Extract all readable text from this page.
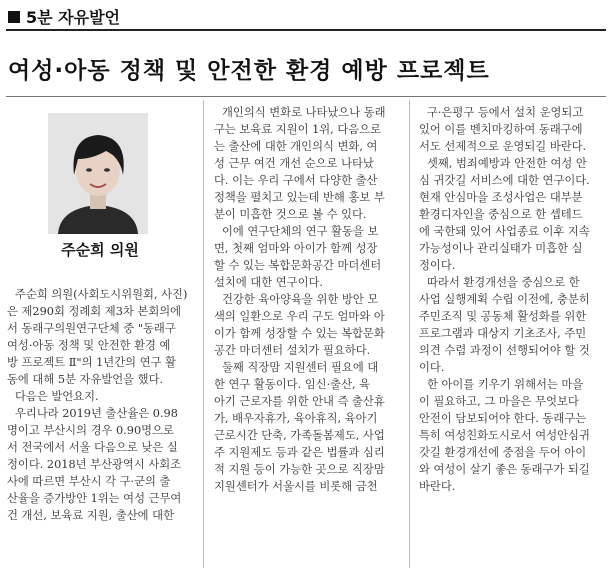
5분 자유발언
여성·아동 정책 및 안전한 환경 예방 프로젝트
주순희 의원

주순희 의원(사회도시위원회, 사진)
은 제290회 정례회 제3차 본회의에
서 동래구의원연구단체 중 "동래구
여성·아동 정책 및 안전한 환경 예
방 프로젝트 Ⅱ"의 1년간의 연구 활
동에 대해 5분 자유발언을 했다.

다음은 발언요지.

우리나라 2019년 출산율은 0.98
명이고 부산시의 경우 0.90명으로
서 전국에서 서울 다음으로 낮은 실
정이다. 2018년 부산광역시 사회조
사에 따르면 부산시 각 구·군의 출
산율을 증가방안 1위는 여성 근무여
건 개선, 보육료 지원, 출산에 대한

개인의식 변화로 나타났으나 동래
구는 보육료 지원이 1위, 다음으로
는 출산에 대한 개인의식 변화, 여
성 근무 여건 개선 순으로 나타났
다. 이는 우리 구에서 다양한 출산
정책을 펼치고 있는데 반해 홍보 부
분이 미흡한 것으로 볼 수 있다.

이에 연구단체의 연구 활동을 보
면, 첫째 엄마와 아이가 함께 성장
할 수 있는 복합문화공간 마더센터
설치에 대한 연구이다.

건강한 육아양육을 위한 방안 모
색의 일환으로 우리 구도 엄마와 아
이가 함께 성장할 수 있는 복합문화
공간 마더센터 설치가 필요하다.

둘째 직장맘 지원센터 필요에 대
한 연구 활동이다. 임신·출산, 육
아기 근로자를 위한 안내 즉 출산휴
가, 배우자휴가, 육아휴직, 육아기
근로시간 단축, 가족돌봄제도, 사업
주 지원제도 등과 같은 법률과 심리
적 지원 등이 가능한 곳으로 직장맘
지원센터가 서울시를 비롯해 금천

구·은평구 등에서 설치 운영되고
있어 이를 벤치마킹하여 동래구에
서도 선제적으로 운영되길 바란다.

셋째, 범죄예방과 안전한 여성 안
심 귀갓길 서비스에 대한 연구이다.
현재 안심마을 조성사업은 대부분
환경디자인을 중심으로 한 셉테드
에 국한돼 있어 사업종료 이후 지속
가능성이나 관리실태가 미흡한 실
정이다.

따라서 환경개선을 중심으로 한
사업 실행계획 수립 이전에, 충분히
주민조직 및 공동체 활성화를 위한
프로그램과 대상지 기초조사, 주민
의견 수렴 과정이 선행되어야 할 것
이다.

한 아이를 키우기 위해서는 마을
이 필요하고, 그 마을은 무엇보다
안전이 담보되어야 한다. 동래구는
특히 여성친화도시로서 여성안심귀
갓길 환경개선에 중점을 두어 아이
와 여성이 살기 좋은 동래구가 되길
바란다.
